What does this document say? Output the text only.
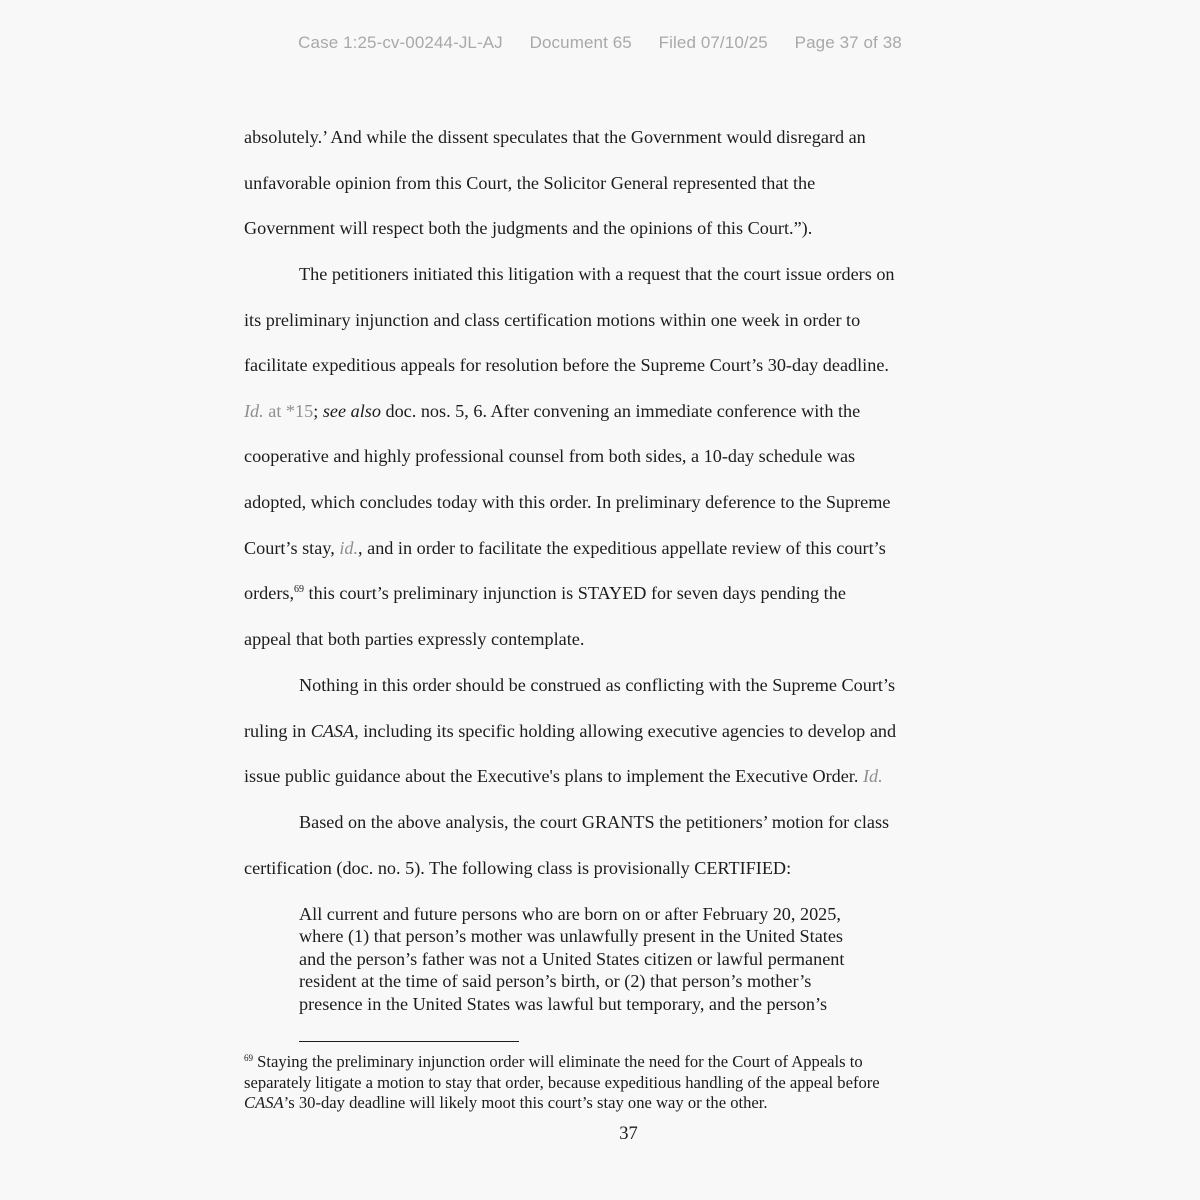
Case 1:25-cv-00244-JL-AJ Document 65 Filed 07/10/25 Page 37 of 38
absolutely.’ And while the dissent speculates that the Government would disregard an
unfavorable opinion from this Court, the Solicitor General represented that the
Government will respect both the judgments and the opinions of this Court.”).
The petitioners initiated this litigation with a request that the court issue orders on
its preliminary injunction and class certification motions within one week in order to
facilitate expeditious appeals for resolution before the Supreme Court’s 30-day deadline.
Id. at *15; see also doc. nos. 5, 6. After convening an immediate conference with the
cooperative and highly professional counsel from both sides, a 10-day schedule was
adopted, which concludes today with this order. In preliminary deference to the Supreme
Court’s stay, id., and in order to facilitate the expeditious appellate review of this court’s
orders,$^{69}$ this court’s preliminary injunction is STAYED for seven days pending the
appeal that both parties expressly contemplate.
Nothing in this order should be construed as conflicting with the Supreme Court’s
ruling in CASA, including its specific holding allowing executive agencies to develop and
issue public guidance about the Executive's plans to implement the Executive Order. Id.
Based on the above analysis, the court GRANTS the petitioners’ motion for class
certification (doc. no. 5). The following class is provisionally CERTIFIED:
All current and future persons who are born on or after February 20, 2025,
where (1) that person’s mother was unlawfully present in the United States
and the person’s father was not a United States citizen or lawful permanent
resident at the time of said person’s birth, or (2) that person’s mother’s
presence in the United States was lawful but temporary, and the person’s
$^{69}$ Staying the preliminary injunction order will eliminate the need for the Court of Appeals to
separately litigate a motion to stay that order, because expeditious handling of the appeal before
CASA’s 30-day deadline will likely moot this court’s stay one way or the other.
37
